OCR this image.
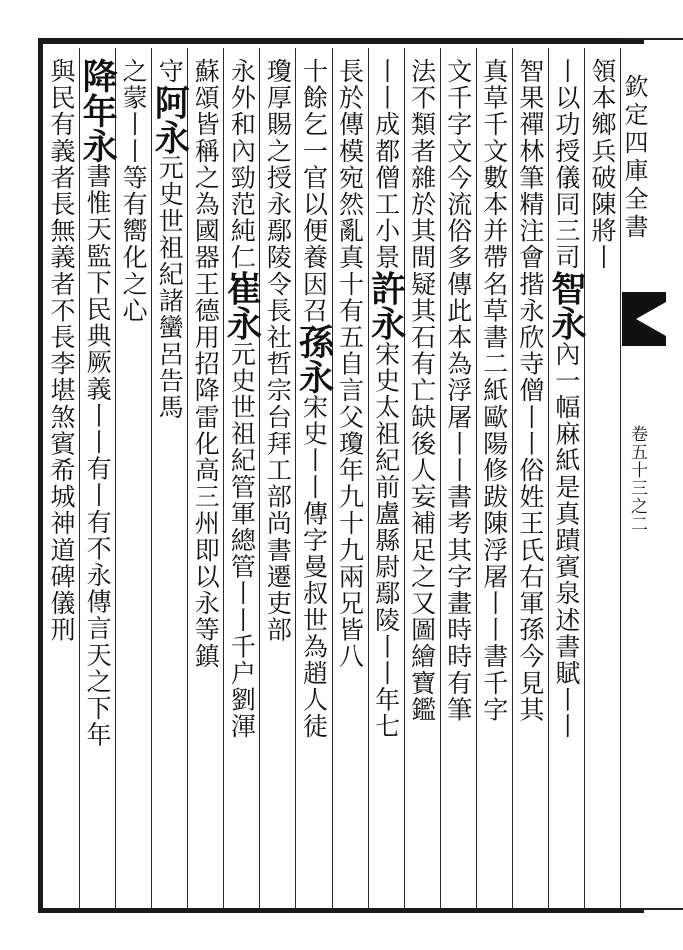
領本鄉兵破陳將丨
丨以功授儀同三司智永內一幅麻紙是真蹟賓泉述書賦丨丨
智果禪林筆精注會揩永欣寺僧丨丨俗姓王氏右軍孫今見其
真草千文數本并帶名草書二紙歐陽修跋陳浮屠丨丨書千字
文千字文今流俗多傳此本為浮屠丨丨書考其字畫時時有筆
法不類者雜於其間疑其石有亡缺後人妄補足之又圖繪寶鑑
丨丨成都僧工小景許永宋史太祖紀前盧縣尉鄢陵丨丨年七
長於傳模宛然亂真十有五自言父瓊年九十九兩兄皆八
十餘乞一官以便養因召孫永宋史丨丨傳字曼叔世為趙人徒
瓊厚賜之授永鄢陵令長社哲宗台拜工部尚書遷吏部
永外和內勁范純仁崔永元史世祖紀管軍總管丨丨千户劉渾
蘇頌皆稱之為國器王德用招降雷化高三州即以永等鎮
守阿永元史世祖紀諸蠻呂告馬
之蒙丨丨等有嚮化之心
降年永書惟天監下民典厥義丨丨有丨有不永傳言天之下年
與民有義者長無義者不長李堪煞賓希城神道碑儀刑	欽定四庫全書
卷五十三之二
